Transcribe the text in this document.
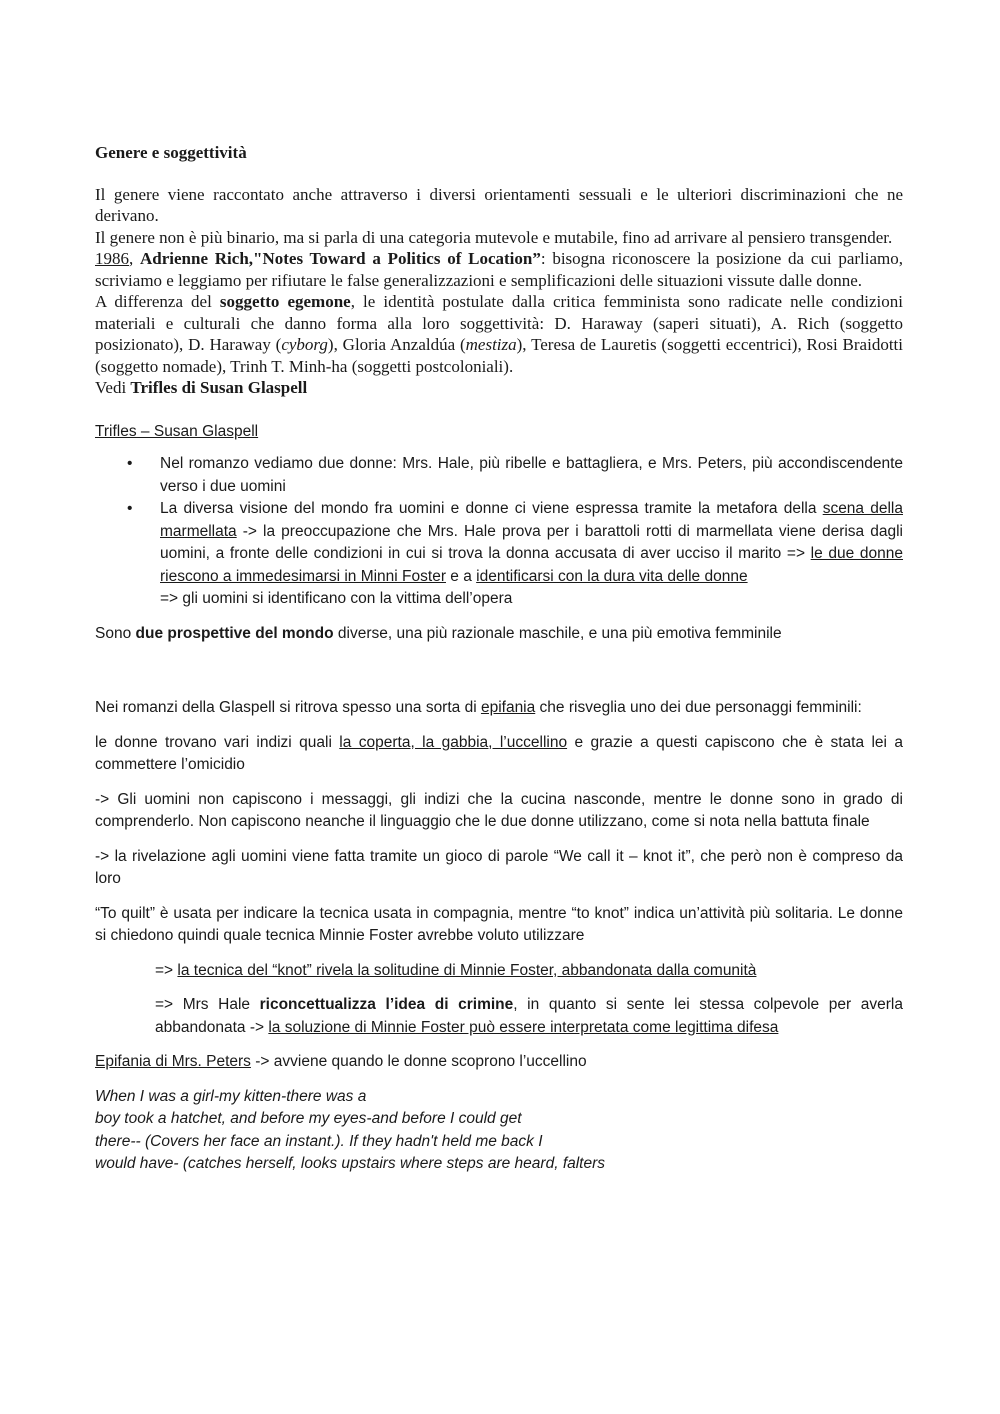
Genere e soggettività

Il genere viene raccontato anche attraverso i diversi orientamenti sessuali e le ulteriori discriminazioni che ne derivano.

Il genere non è più binario, ma si parla di una categoria mutevole e mutabile, fino ad arrivare al pensiero transgender.

1986, Adrienne Rich,"Notes Toward a Politics of Location”: bisogna riconoscere la posizione da cui parliamo, scriviamo e leggiamo per rifiutare le false generalizzazioni e semplificazioni delle situazioni vissute dalle donne.

A differenza del soggetto egemone, le identità postulate dalla critica femminista sono radicate nelle condizioni materiali e culturali che danno forma alla loro soggettività: D. Haraway (saperi situati), A. Rich (soggetto posizionato), D. Haraway (cyborg), Gloria Anzaldúa (mestiza), Teresa de Lauretis (soggetti eccentrici), Rosi Braidotti (soggetto nomade), Trinh T. Minh-ha (soggetti postcoloniali).

Vedi Trifles di Susan Glaspell

Trifles – Susan Glaspell

• Nel romanzo vediamo due donne: Mrs. Hale, più ribelle e battagliera, e Mrs. Peters, più accondiscendente verso i due uomini
• La diversa visione del mondo fra uomini e donne ci viene espressa tramite la metafora della scena della marmellata -> la preoccupazione che Mrs. Hale prova per i barattoli rotti di marmellata viene derisa dagli uomini, a fronte delle condizioni in cui si trova la donna accusata di aver ucciso il marito => le due donne riescono a immedesimarsi in Minni Foster e a identificarsi con la dura vita delle donne
=> gli uomini si identificano con la vittima dell’opera

Sono due prospettive del mondo diverse, una più razionale maschile, e una più emotiva femminile

Nei romanzi della Glaspell si ritrova spesso una sorta di epifania che risveglia uno dei due personaggi femminili:

le donne trovano vari indizi quali la coperta, la gabbia, l’uccellino e grazie a questi capiscono che è stata lei a commettere l’omicidio

-> Gli uomini non capiscono i messaggi, gli indizi che la cucina nasconde, mentre le donne sono in grado di comprenderlo. Non capiscono neanche il linguaggio che le due donne utilizzano, come si nota nella battuta finale

-> la rivelazione agli uomini viene fatta tramite un gioco di parole “We call it – knot it”, che però non è compreso da loro

“To quilt” è usata per indicare la tecnica usata in compagnia, mentre “to knot” indica un’attività più solitaria. Le donne si chiedono quindi quale tecnica Minnie Foster avrebbe voluto utilizzare

=> la tecnica del “knot” rivela la solitudine di Minnie Foster, abbandonata dalla comunità

=> Mrs Hale riconcettualizza l’idea di crimine, in quanto si sente lei stessa colpevole per averla abbandonata -> la soluzione di Minnie Foster può essere interpretata come legittima difesa

Epifania di Mrs. Peters -> avviene quando le donne scoprono l’uccellino

When I was a girl-my kitten-there was a
boy took a hatchet, and before my eyes-and before I could get
there-- (Covers her face an instant.). If they hadn't held me back I
would have- (catches herself, looks upstairs where steps are heard, falters
